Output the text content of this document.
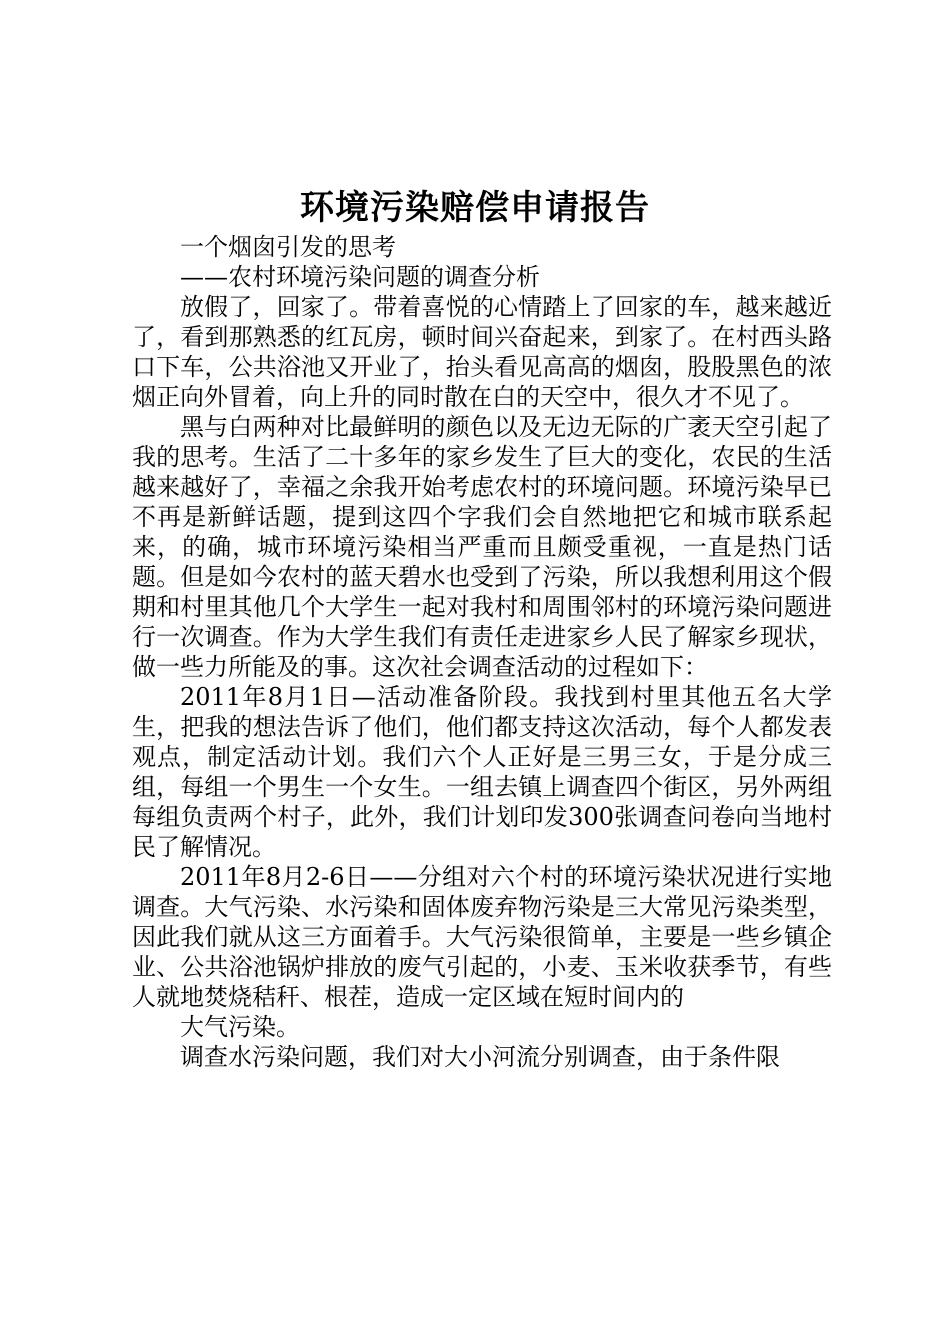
环境污染赔偿申请报告

一个烟囱引发的思考

——农村环境污染问题的调查分析

放假了，回家了。带着喜悦的心情踏上了回家的车，越来越近了，看到那熟悉的红瓦房，顿时间兴奋起来，到家了。在村西头路口下车，公共浴池又开业了，抬头看见高高的烟囱，股股黑色的浓烟正向外冒着，向上升的同时散在白的天空中，很久才不见了。

黑与白两种对比最鲜明的颜色以及无边无际的广袤天空引起了我的思考。生活了二十多年的家乡发生了巨大的变化，农民的生活越来越好了，幸福之余我开始考虑农村的环境问题。环境污染早已不再是新鲜话题，提到这四个字我们会自然地把它和城市联系起来，的确，城市环境污染相当严重而且颇受重视，一直是热门话题。但是如今农村的蓝天碧水也受到了污染，所以我想利用这个假期和村里其他几个大学生一起对我村和周围邻村的环境污染问题进行一次调查。作为大学生我们有责任走进家乡人民了解家乡现状，做一些力所能及的事。这次社会调查活动的过程如下：

2011年8月1日—活动准备阶段。我找到村里其他五名大学生，把我的想法告诉了他们，他们都支持这次活动，每个人都发表观点，制定活动计划。我们六个人正好是三男三女，于是分成三组，每组一个男生一个女生。一组去镇上调查四个街区，另外两组每组负责两个村子，此外，我们计划印发300张调查问卷向当地村民了解情况。

2011年8月2-6日——分组对六个村的环境污染状况进行实地调查。大气污染、水污染和固体废弃物污染是三大常见污染类型，因此我们就从这三方面着手。大气污染很简单，主要是一些乡镇企业、公共浴池锅炉排放的废气引起的，小麦、玉米收获季节，有些人就地焚烧秸秆、根茬，造成一定区域在短时间内的

大气污染。

调查水污染问题，我们对大小河流分别调查，由于条件限
